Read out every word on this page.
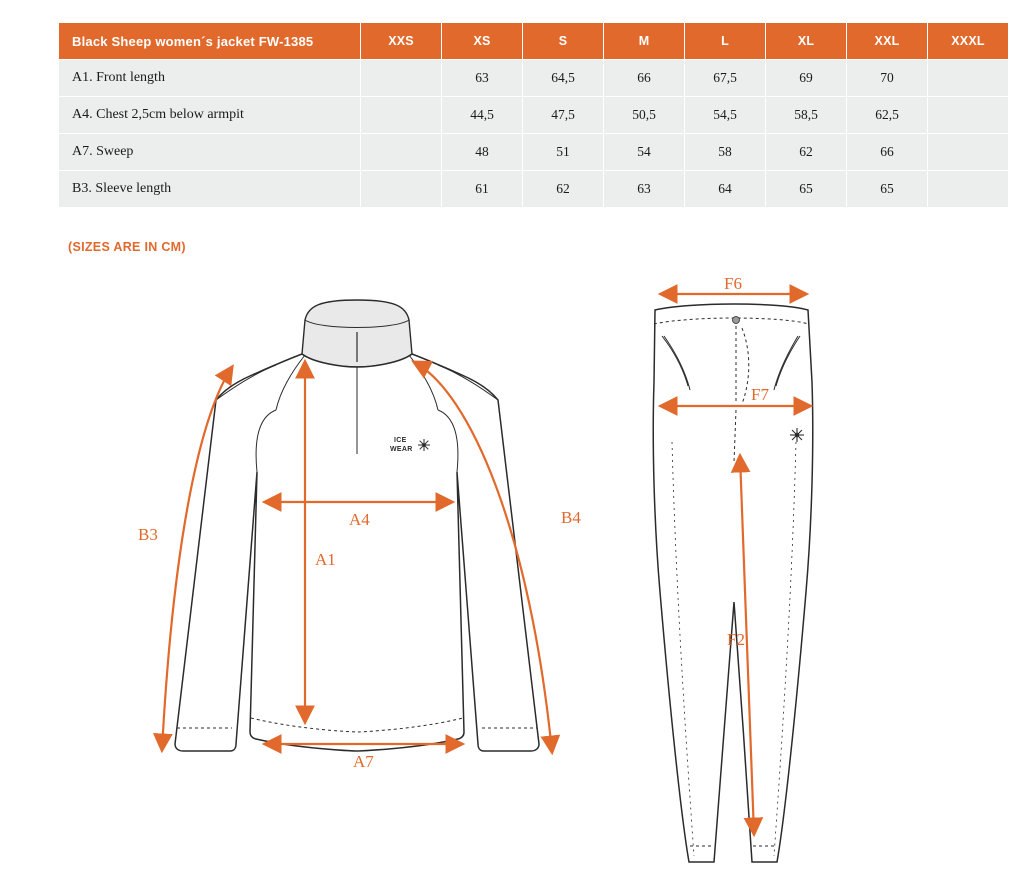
Black Sheep women´s jacket FW-1385	XXS	XS	S	M	L	XL	XXL	XXXL
A1. Front length		63	64,5	66	67,5	69	70	
A4. Chest 2,5cm below armpit		44,5	47,5	50,5	54,5	58,5	62,5	
A7. Sweep		48	51	54	58	62	66	
B3. Sleeve length		61	62	63	64	65	65	
(SIZES ARE IN CM)
B3
A4
A1
B4
A7
F6
F7
F2
ICE
WEAR
